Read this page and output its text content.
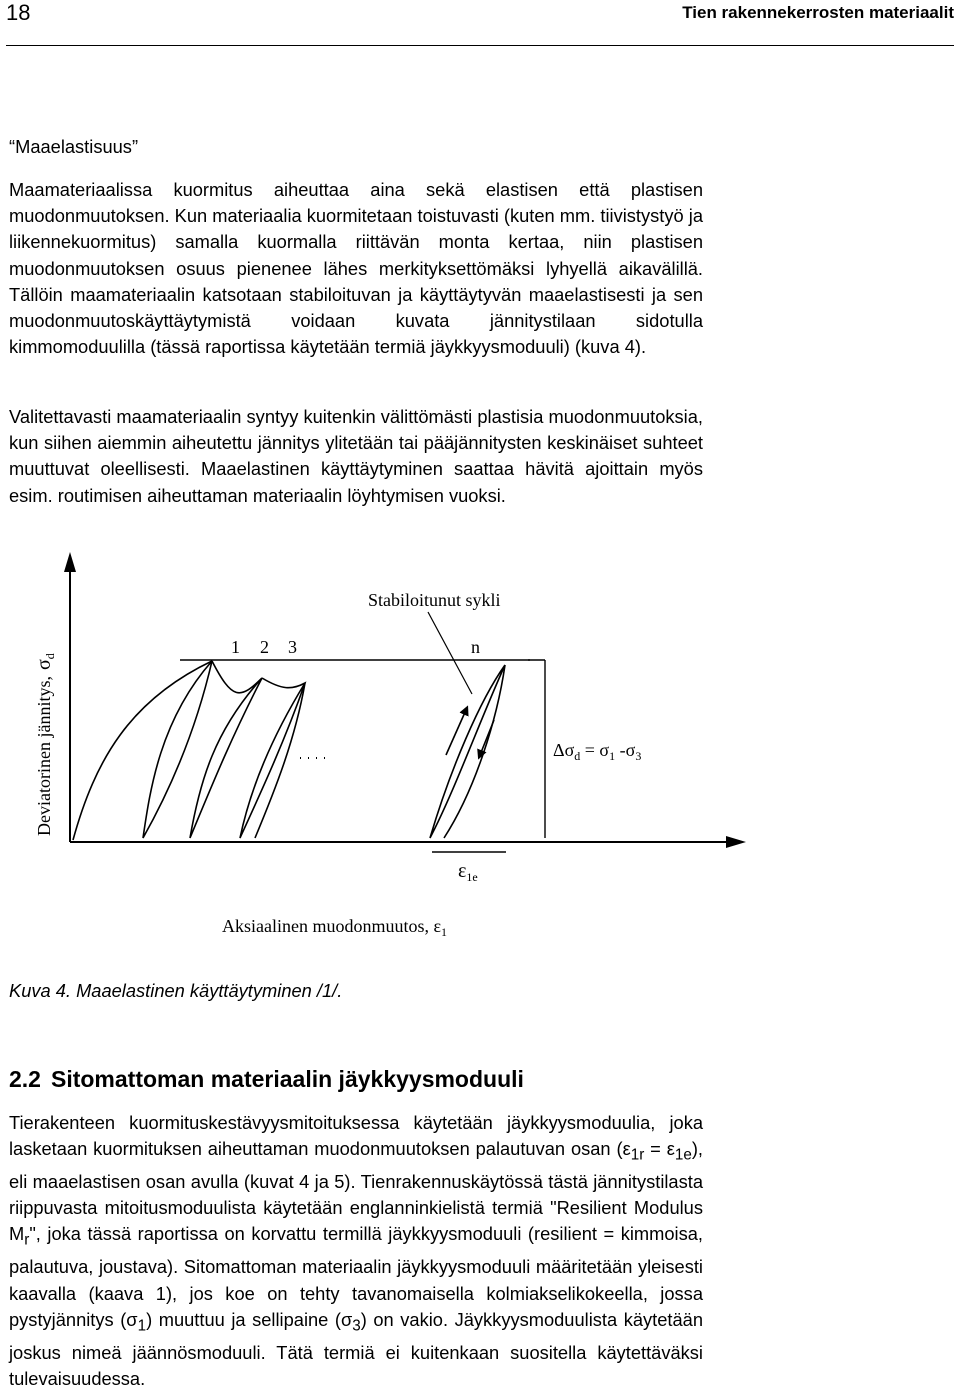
18	Tien rakennekerrosten materiaalit
“Maaelastisuus”
Maamateriaalissa kuormitus aiheuttaa aina sekä elastisen että plastisen muodonmuutoksen. Kun materiaalia kuormitetaan toistuvasti (kuten mm. tiivistystyö ja liikennekuormitus) samalla kuormalla riittävän monta kertaa, niin plastisen muodonmuutoksen osuus pienenee lähes merkityksettömäksi lyhyellä aikavälillä. Tällöin maamateriaalin katsotaan stabiloituvan ja käyttäytyvän maaelastisesti ja sen muodonmuutoskäyttäytymistä voidaan kuvata jännitystilaan sidotulla kimmomoduulilla (tässä raportissa käytetään termiä jäykkyysmoduuli) (kuva 4).
Valitettavasti maamateriaalin syntyy kuitenkin välittömästi plastisia muodonmuutoksia, kun siihen aiemmin aiheutettu jännitys ylitetään tai pääjännitysten keskinäiset suhteet muuttuvat oleellisesti. Maaelastinen käyttäytyminen saattaa hävitä ajoittain myös esim. routimisen aiheuttaman materiaalin löyhtymisen vuoksi.
Stabiloitunut sykli
1 2 3	n
Deviatorinen $jännitys,\sigma_d$
$\Delta\sigma_d = \sigma_1$ $-\sigma_3$
$\varepsilon_{1e}$
Aksiaalinen muodonmuutos, $\varepsilon_1$
Kuva 4. Maaelastinen käyttäytyminen /1/.
2.2 Sitomattoman materiaalin jäykkyysmoduuli
Tierakenteen kuormituskestävyysmitoituksessa käytetään jäykkyysmoduulia, joka lasketaan kuormituksen aiheuttaman muodonmuutoksen palautuvan osan $(\varepsilon_{1r} = \varepsilon_{1e})$, eli maaelastisen osan avulla (kuvat 4 ja 5). Tienrakennuskäytössä tästä jännitystilasta riippuvasta mitoitusmoduulista käytetään englanninkielistä termiä "Resilient Modulus $M_r$", joka tässä raportissa on korvattu termillä jäykkyysmoduuli (resilient = kimmoisa, palautuva, joustava). Sitomattoman materiaalin jäykkyysmoduuli määritetään yleisesti kaavalla (kaava 1), jos koe on tehty tavanomaisella kolmiakselikokeella, jossa pystyjännitys $(\sigma_1)$ muuttuu ja sellipaine $(\sigma_3)$ on vakio. Jäykkyysmoduulista käytetään joskus nimeä jäännösmoduuli. Tätä termiä ei kuitenkaan suositella käytettäväksi tulevaisuudessa.
